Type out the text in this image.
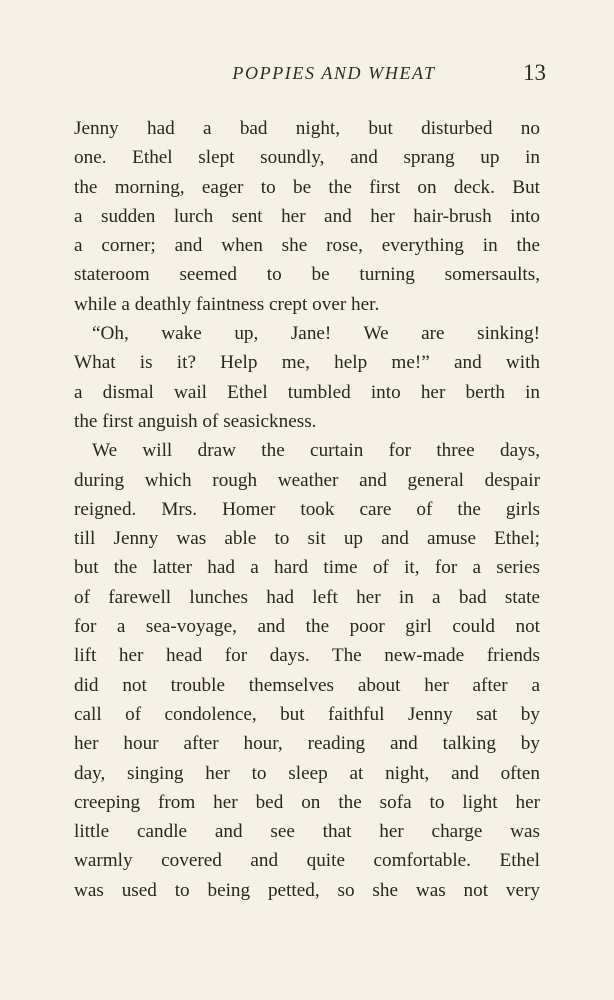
POPPIES AND WHEAT	13
Jenny had a bad night, but disturbed no
one. Ethel slept soundly, and sprang up in
the morning, eager to be the first on deck. But
a sudden lurch sent her and her hair-brush into
a corner; and when she rose, everything in the
stateroom seemed to be turning somersaults,
while a deathly faintness crept over her.
“Oh, wake up, Jane! We are sinking!
What is it? Help me, help me!” and with
a dismal wail Ethel tumbled into her berth in
the first anguish of seasickness.
We will draw the curtain for three days,
during which rough weather and general despair
reigned. Mrs. Homer took care of the girls
till Jenny was able to sit up and amuse Ethel;
but the latter had a hard time of it, for a series
of farewell lunches had left her in a bad state
for a sea-voyage, and the poor girl could not
lift her head for days. The new-made friends
did not trouble themselves about her after a
call of condolence, but faithful Jenny sat by
her hour after hour, reading and talking by
day, singing her to sleep at night, and often
creeping from her bed on the sofa to light her
little candle and see that her charge was
warmly covered and quite comfortable. Ethel
was used to being petted, so she was not very
